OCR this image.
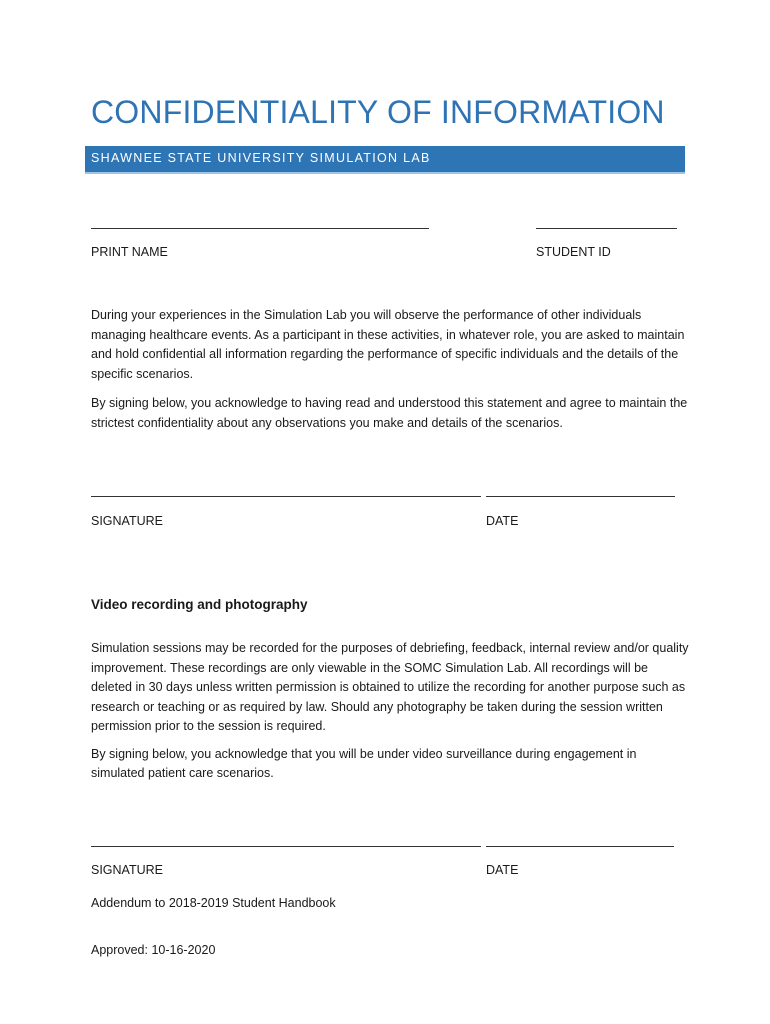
CONFIDENTIALITY OF INFORMATION
SHAWNEE STATE UNIVERSITY SIMULATION LAB
PRINT NAME	STUDENT ID

During your experiences in the Simulation Lab you will observe the performance of other individuals managing healthcare events. As a participant in these activities, in whatever role, you are asked to maintain and hold confidential all information regarding the performance of specific individuals and the details of the specific scenarios.

By signing below, you acknowledge to having read and understood this statement and agree to maintain the strictest confidentiality about any observations you make and details of the scenarios.

SIGNATURE	DATE
Video recording and photography

Simulation sessions may be recorded for the purposes of debriefing, feedback, internal review and/or quality improvement. These recordings are only viewable in the SOMC Simulation Lab. All recordings will be deleted in 30 days unless written permission is obtained to utilize the recording for another purpose such as research or teaching or as required by law. Should any photography be taken during the session written permission prior to the session is required.

By signing below, you acknowledge that you will be under video surveillance during engagement in simulated patient care scenarios.

SIGNATURE	DATE
Addendum to 2018-2019 Student Handbook
Approved: 10-16-2020
